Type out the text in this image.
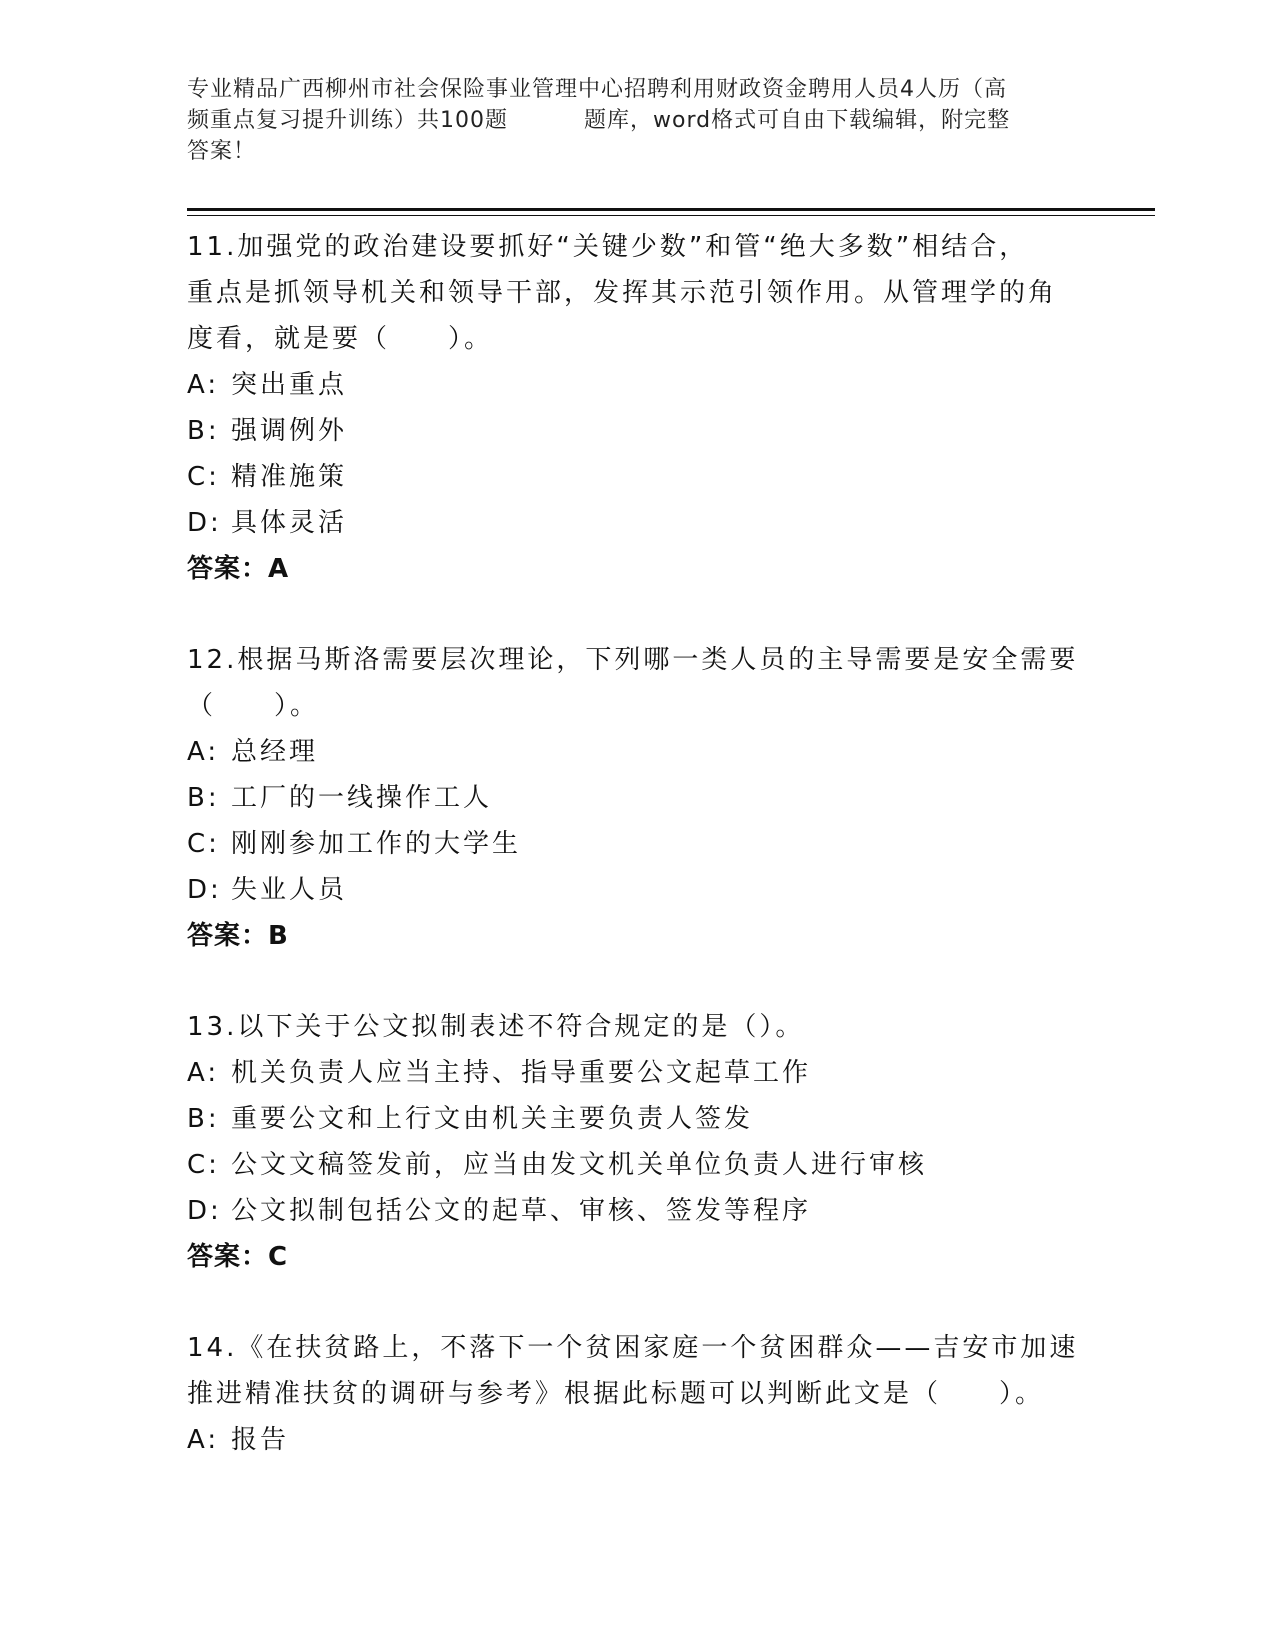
专业精品广西柳州市社会保险事业管理中心招聘利用财政资金聘用人员4人历（高
频重点复习提升训练）共100题	题库，word格式可自由下载编辑，附完整
答案！
11.加强党的政治建设要抓好“关键少数”和管“绝大多数”相结合，
重点是抓领导机关和领导干部，发挥其示范引领作用。从管理学的角
度看，就是要（　　）。
A: 突出重点
B: 强调例外
C: 精准施策
D: 具体灵活
答案：A
12.根据马斯洛需要层次理论，下列哪一类人员的主导需要是安全需要
（　　）。
A: 总经理
B: 工厂的一线操作工人
C: 刚刚参加工作的大学生
D: 失业人员
答案：B
13.以下关于公文拟制表述不符合规定的是（）。
A: 机关负责人应当主持、指导重要公文起草工作
B: 重要公文和上行文由机关主要负责人签发
C: 公文文稿签发前，应当由发文机关单位负责人进行审核
D: 公文拟制包括公文的起草、审核、签发等程序
答案：C
14.《在扶贫路上，不落下一个贫困家庭一个贫困群众——吉安市加速
推进精准扶贫的调研与参考》根据此标题可以判断此文是（　　）。
A: 报告
